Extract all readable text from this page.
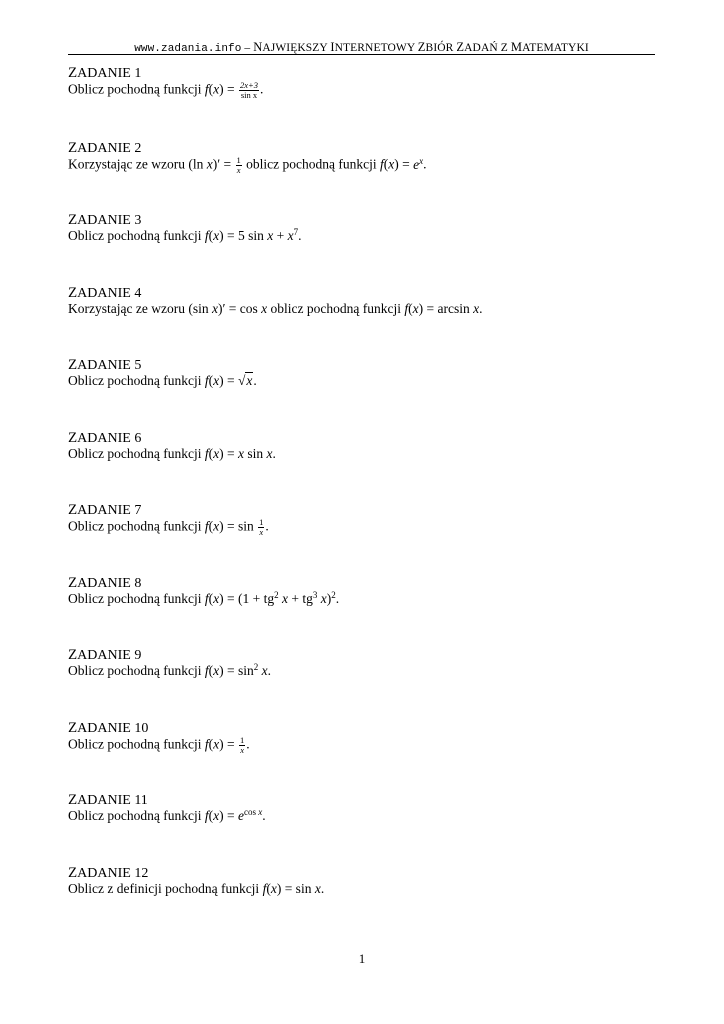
www.zadania.info – NAJWIĘKSZY INTERNETOWY ZBIÓR ZADAŃ Z MATEMATYKI
ZADANIE 1
Oblicz pochodną funkcji $f(x) = \frac{2x+3}{\text{sin x}}$ .
ZADANIE 2
Korzystając ze wzoru (ln $x)' = \frac{1}{x}$ oblicz pochodną funkcji $f(x) = e^x$.
ZADANIE 3
Oblicz pochodną funkcji f(x) = 5 $\sin x + x^7$.
ZADANIE 4
Korzystając ze wzoru (sin x)′ = cos x oblicz pochodną funkcji f(x) = arcsin x.
ZADANIE 5
Oblicz pochodną funkcji f(x) = √x.
ZADANIE 6
Oblicz pochodną funkcji f(x) = x sin x.
ZADANIE 7
Oblicz pochodną funkcji $f(x) = \sin \frac{1}{x}$ .
ZADANIE 8
Oblicz pochodną funkcji $f(x) = (1 + tg^2$ $x + tg^3$ x)$^2$.
ZADANIE 9
Oblicz pochodną funkcji $f(x) = \sin^2 x$.
ZADANIE 10
Oblicz pochodną funkcji $f(x) = \frac{1}{x}$ .
ZADANIE 11
Oblicz pochodną funkcji $f(x) = e^{cos x}$.
ZADANIE 12
Oblicz z definicji pochodną funkcji f(x) = sin x.
1
